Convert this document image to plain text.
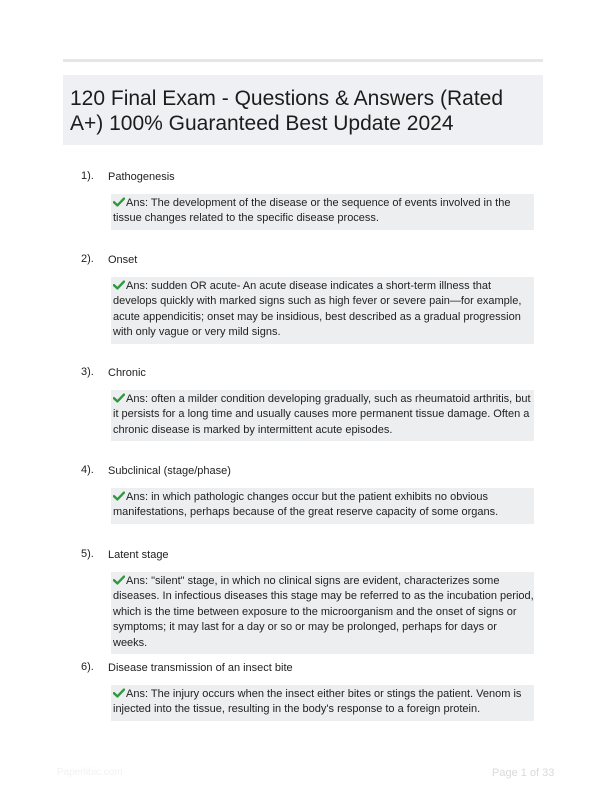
120 Final Exam - Questions & Answers (Rated A+) 100% Guaranteed Best Update 2024
1). Pathogenesis
Ans: The development of the disease or the sequence of events involved in the tissue changes related to the specific disease process.
2). Onset
Ans: sudden OR acute- An acute disease indicates a short-term illness that develops quickly with marked signs such as high fever or severe pain—for example, acute appendicitis; onset may be insidious, best described as a gradual progression with only vague or very mild signs.
3). Chronic
Ans: often a milder condition developing gradually, such as rheumatoid arthritis, but it persists for a long time and usually causes more permanent tissue damage. Often a chronic disease is marked by intermittent acute episodes.
4). Subclinical (stage/phase)
Ans: in which pathologic changes occur but the patient exhibits no obvious manifestations, perhaps because of the great reserve capacity of some organs.
5). Latent stage
Ans: "silent" stage, in which no clinical signs are evident, characterizes some diseases. In infectious diseases this stage may be referred to as the incubation period, which is the time between exposure to the microorganism and the onset of signs or symptoms; it may last for a day or so or may be prolonged, perhaps for days or weeks.
6). Disease transmission of an insect bite
Ans: The injury occurs when the insect either bites or stings the patient. Venom is injected into the tissue, resulting in the body's response to a foreign protein.
Paperlibic.com	Page 1 of 33
